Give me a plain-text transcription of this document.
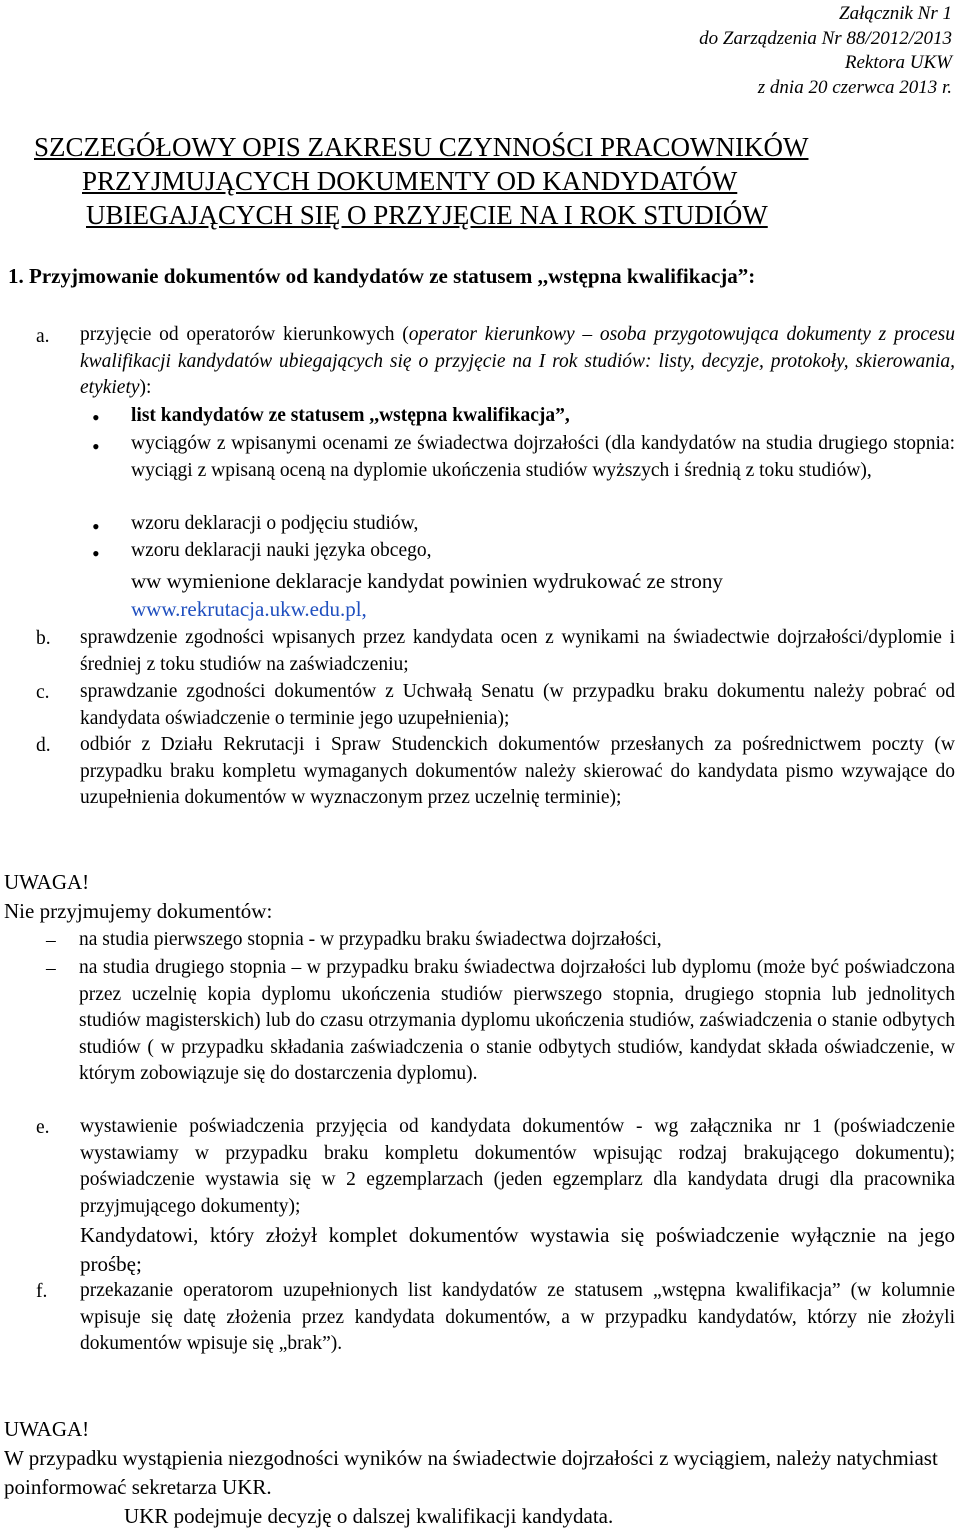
Załącznik Nr 1
do Zarządzenia Nr 88/2012/2013
Rektora UKW
z dnia 20 czerwca 2013 r.
SZCZEGÓŁOWY OPIS ZAKRESU CZYNNOŚCI PRACOWNIKÓW
PRZYJMUJĄCYCH DOKUMENTY OD KANDYDATÓW
UBIEGAJĄCYCH SIĘ O PRZYJĘCIE NA I ROK STUDIÓW
1. Przyjmowanie dokumentów od kandydatów ze statusem ,,wstępna kwalifikacja”:
a. przyjęcie od operatorów kierunkowych (operator kierunkowy – osoba przygotowująca dokumenty z procesu kwalifikacji kandydatów ubiegających się o przyjęcie na I rok studiów: listy, decyzje, protokoły, skierowania, etykiety):
• list kandydatów ze statusem ,,wstępna kwalifikacja”,
• wyciągów z wpisanymi ocenami ze świadectwa dojrzałości (dla kandydatów na studia drugiego stopnia: wyciągi z wpisaną oceną na dyplomie ukończenia studiów wyższych i średnią z toku studiów),
• wzoru deklaracji o podjęciu studiów,
• wzoru deklaracji nauki języka obcego,
ww wymienione deklaracje kandydat powinien wydrukować ze strony
www.rekrutacja.ukw.edu.pl,
b. sprawdzenie zgodności wpisanych przez kandydata ocen z wynikami na świadectwie dojrzałości/dyplomie i średniej z toku studiów na zaświadczeniu;
c. sprawdzanie zgodności dokumentów z Uchwałą Senatu (w przypadku braku dokumentu należy pobrać od kandydata oświadczenie o terminie jego uzupełnienia);
d. odbiór z Działu Rekrutacji i Spraw Studenckich dokumentów przesłanych za pośrednictwem poczty (w przypadku braku kompletu wymaganych dokumentów należy skierować do kandydata pismo wzywające do uzupełnienia dokumentów w wyznaczonym przez uczelnię terminie);
UWAGA!
Nie przyjmujemy dokumentów:
– na studia pierwszego stopnia - w przypadku braku świadectwa dojrzałości,
– na studia drugiego stopnia – w przypadku braku świadectwa dojrzałości lub dyplomu (może być poświadczona przez uczelnię kopia dyplomu ukończenia studiów pierwszego stopnia, drugiego stopnia lub jednolitych studiów magisterskich) lub do czasu otrzymania dyplomu ukończenia studiów, zaświadczenia o stanie odbytych studiów ( w przypadku składania zaświadczenia o stanie odbytych studiów, kandydat składa oświadczenie, w którym zobowiązuje się do dostarczenia dyplomu).
e. wystawienie poświadczenia przyjęcia od kandydata dokumentów - wg załącznika nr 1 (poświadczenie wystawiamy w przypadku braku kompletu dokumentów wpisując rodzaj brakującego dokumentu); poświadczenie wystawia się w 2 egzemplarzach (jeden egzemplarz dla kandydata drugi dla pracownika przyjmującego dokumenty);
Kandydatowi, który złożył komplet dokumentów wystawia się poświadczenie wyłącznie na jego prośbę;
f. przekazanie operatorom uzupełnionych list kandydatów ze statusem „wstępna kwalifikacja” (w kolumnie wpisuje się datę złożenia przez kandydata dokumentów, a w przypadku kandydatów, którzy nie złożyli dokumentów wpisuje się „brak”).
UWAGA!
W przypadku wystąpienia niezgodności wyników na świadectwie dojrzałości z wyciągiem, należy natychmiast poinformować sekretarza UKR.
UKR podejmuje decyzję o dalszej kwalifikacji kandydata.
